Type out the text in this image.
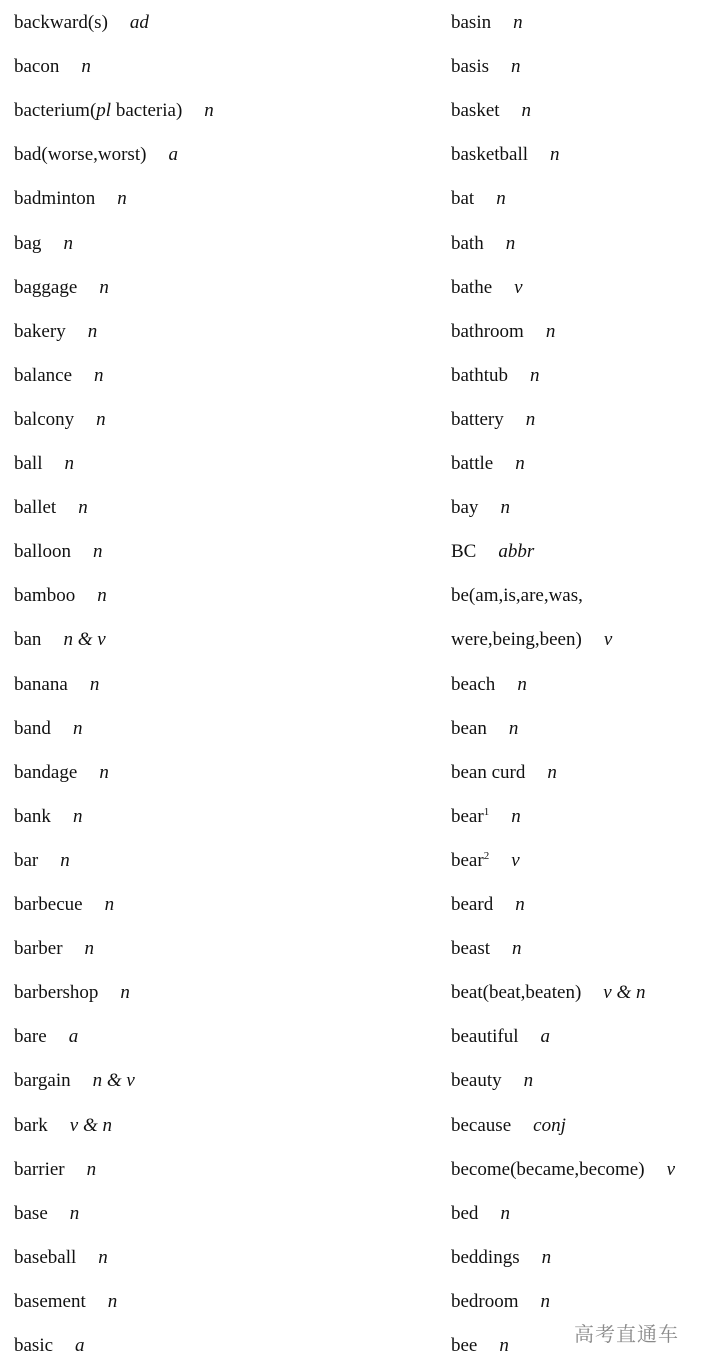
backward(s) ad
bacon n
bacterium(pl bacteria) n
bad(worse,worst) a
badminton n
bag n
baggage n
bakery n
balance n
balcony n
ball n
ballet n
balloon n
bamboo n
ban n & v
banana n
band n
bandage n
bank n
bar n
barbecue n
barber n
barbershop n
bare a
bargain n & v
bark v & n
barrier n
base n
baseball n
basement n
basic a
basin n
basis n
basket n
basketball n
bat n
bath n
bathe v
bathroom n
bathtub n
battery n
battle n
bay n
BC abbr
be(am,is,are,was,
were,being,been) v
beach n
bean n
bean curd n
bear$^1$ n
bear$^2$ v
beard n
beast n
beat(beat,beaten) v & n
beautiful a
beauty n
because conj
become(became,become) v
bed n
beddings n
bedroom n
bee n	高考直通车
